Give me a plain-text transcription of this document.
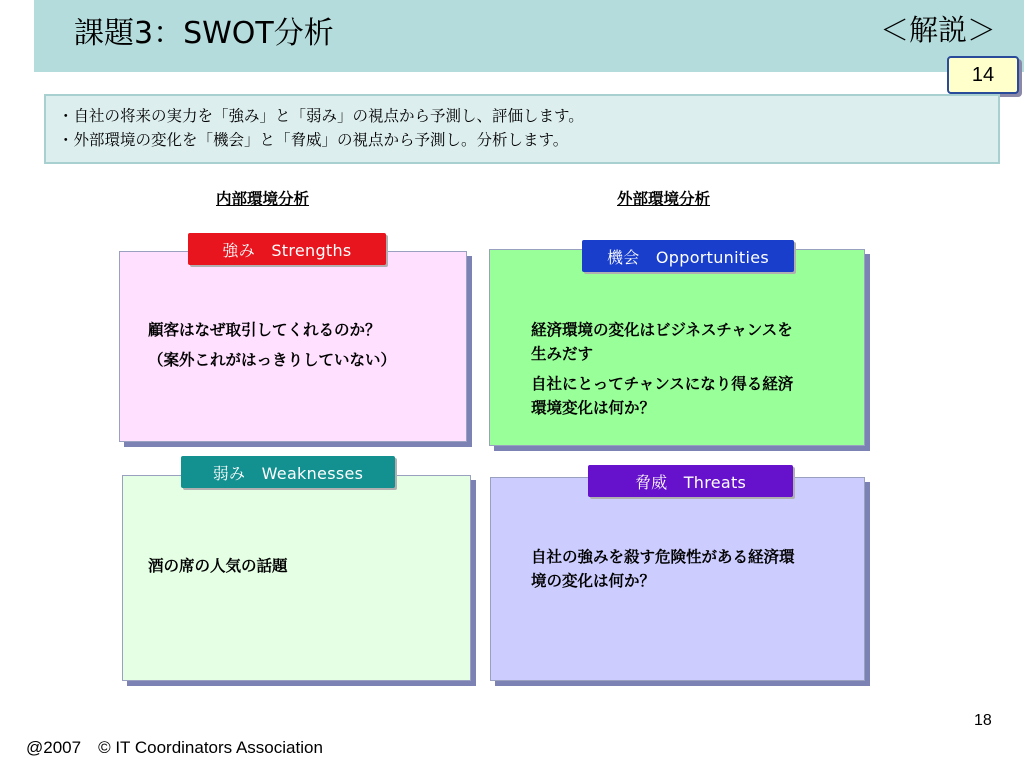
課題3：SWOT分析	＜解説＞
14
・自社の将来の実力を「強み」と「弱み」の視点から予測し、評価します。
・外部環境の変化を「機会」と「脅威」の視点から予測し。分析します。
内部環境分析	外部環境分析

顧客はなぜ取引してくれるのか？

（案外これがはっきりしていない）

強み　Strengths

経済環境の変化はビジネスチャンスを生みだす

自社にとってチャンスになり得る経済環境変化は何か？

機会　Opportunities

酒の席の人気の話題

弱み　Weaknesses

自社の強みを殺す危険性がある経済環境の変化は何か？

脅威　Threats
@2007　© IT Coordinators Association
18
